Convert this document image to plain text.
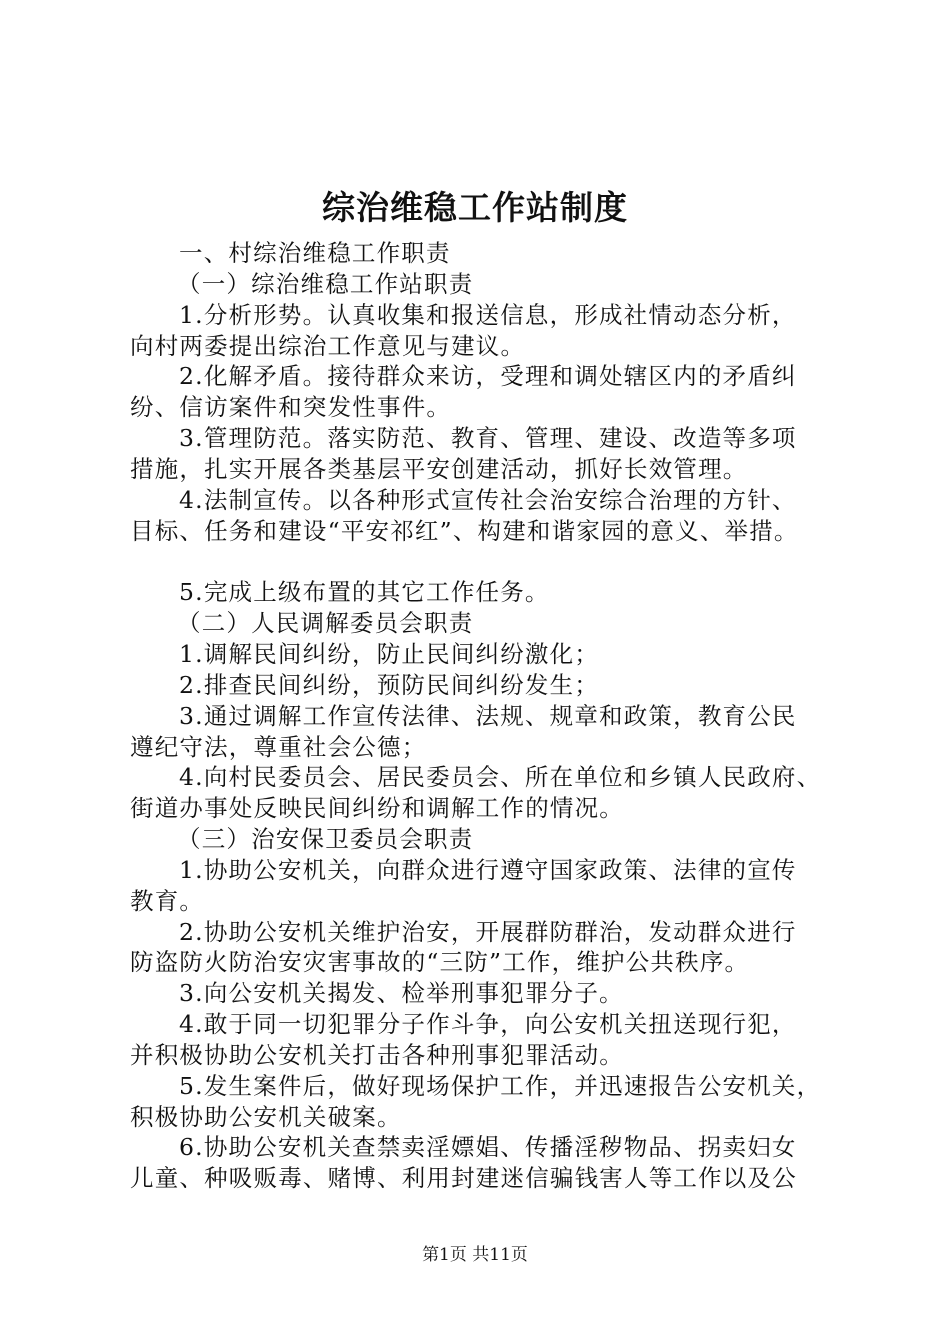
综治维稳工作站制度
一、村综治维稳工作职责
（一）综治维稳工作站职责
1.分析形势。认真收集和报送信息，形成社情动态分析，
向村两委提出综治工作意见与建议。
2.化解矛盾。接待群众来访，受理和调处辖区内的矛盾纠
纷、信访案件和突发性事件。
3.管理防范。落实防范、教育、管理、建设、改造等多项
措施，扎实开展各类基层平安创建活动，抓好长效管理。
4.法制宣传。以各种形式宣传社会治安综合治理的方针、
目标、任务和建设“平安祁红”、构建和谐家园的意义、举措。
5.完成上级布置的其它工作任务。
（二）人民调解委员会职责
1.调解民间纠纷，防止民间纠纷激化；
2.排查民间纠纷，预防民间纠纷发生；
3.通过调解工作宣传法律、法规、规章和政策，教育公民
遵纪守法，尊重社会公德；
4.向村民委员会、居民委员会、所在单位和乡镇人民政府、
街道办事处反映民间纠纷和调解工作的情况。
（三）治安保卫委员会职责
1.协助公安机关，向群众进行遵守国家政策、法律的宣传
教育。
2.协助公安机关维护治安，开展群防群治，发动群众进行
防盗防火防治安灾害事故的“三防”工作，维护公共秩序。
3.向公安机关揭发、检举刑事犯罪分子。
4.敢于同一切犯罪分子作斗争，向公安机关扭送现行犯，
并积极协助公安机关打击各种刑事犯罪活动。
5.发生案件后，做好现场保护工作，并迅速报告公安机关，
积极协助公安机关破案。
6.协助公安机关查禁卖淫嫖娼、传播淫秽物品、拐卖妇女
儿童、种吸贩毒、赌博、利用封建迷信骗钱害人等工作以及公
第1页 共11页
